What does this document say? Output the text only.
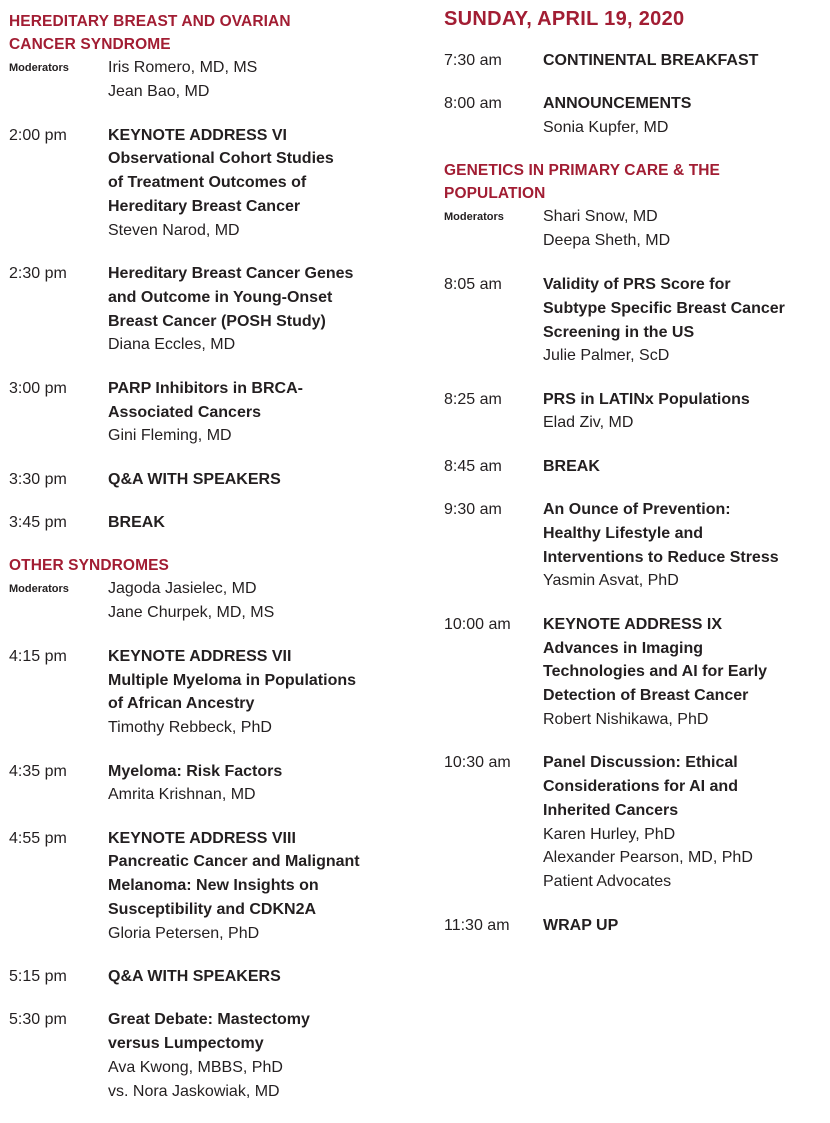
HEREDITARY BREAST AND OVARIAN
CANCER SYNDROME
Moderators	Iris Romero, MD, MS
Jean Bao, MD
2:00 pm	KEYNOTE ADDRESS VI
Observational Cohort Studies
of Treatment Outcomes of
Hereditary Breast Cancer
Steven Narod, MD
2:30 pm	Hereditary Breast Cancer Genes
and Outcome in Young-Onset
Breast Cancer (POSH Study)
Diana Eccles, MD
3:00 pm	PARP Inhibitors in BRCA-
Associated Cancers
Gini Fleming, MD
3:30 pm	Q&A WITH SPEAKERS
3:45 pm	BREAK
OTHER SYNDROMES
Moderators	Jagoda Jasielec, MD
Jane Churpek, MD, MS
4:15 pm	KEYNOTE ADDRESS VII
Multiple Myeloma in Populations
of African Ancestry
Timothy Rebbeck, PhD
4:35 pm	Myeloma: Risk Factors
Amrita Krishnan, MD
4:55 pm	KEYNOTE ADDRESS VIII
Pancreatic Cancer and Malignant
Melanoma: New Insights on
Susceptibility and CDKN2A
Gloria Petersen, PhD
5:15 pm	Q&A WITH SPEAKERS
5:30 pm	Great Debate: Mastectomy
versus Lumpectomy
Ava Kwong, MBBS, PhD
vs. Nora Jaskowiak, MD
SUNDAY, APRIL 19, 2020
7:30 am	CONTINENTAL BREAKFAST
8:00 am	ANNOUNCEMENTS
Sonia Kupfer, MD
GENETICS IN PRIMARY CARE & THE
POPULATION
Moderators	Shari Snow, MD
Deepa Sheth, MD
8:05 am	Validity of PRS Score for
Subtype Specific Breast Cancer
Screening in the US
Julie Palmer, ScD
8:25 am	PRS in LATINx Populations
Elad Ziv, MD
8:45 am	BREAK
9:30 am	An Ounce of Prevention:
Healthy Lifestyle and
Interventions to Reduce Stress
Yasmin Asvat, PhD
10:00 am	KEYNOTE ADDRESS IX
Advances in Imaging
Technologies and AI for Early
Detection of Breast Cancer
Robert Nishikawa, PhD
10:30 am	Panel Discussion: Ethical
Considerations for AI and
Inherited Cancers
Karen Hurley, PhD
Alexander Pearson, MD, PhD
Patient Advocates
11:30 am	WRAP UP
